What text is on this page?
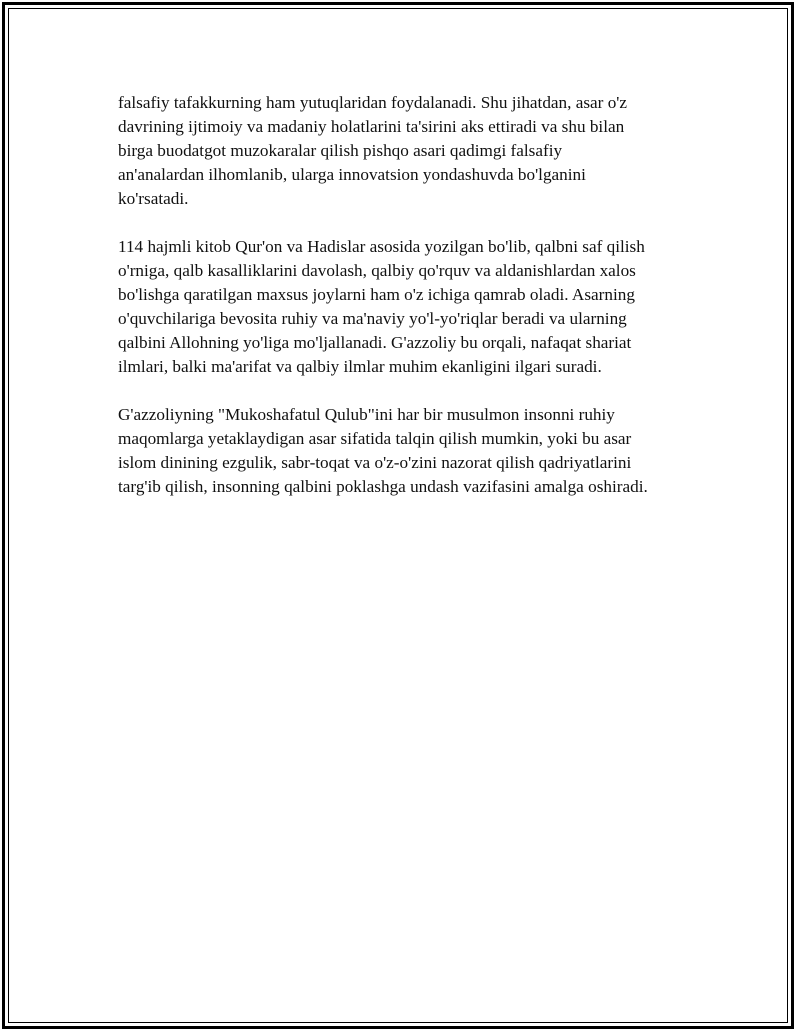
falsafiy tafakkurning ham yutuqlaridan foydalanadi. Shu jihatdan, asar o'z
davrining ijtimoiy va madaniy holatlarini ta'sirini aks ettiradi va shu bilan
birga buodatgot muzokaralar qilish pishqo asari qadimgi falsafiy
an'analardan ilhomlanib, ularga innovatsion yondashuvda bo'lganini
ko'rsatadi.

114 hajmli kitob Qur'on va Hadislar asosida yozilgan bo'lib, qalbni saf qilish
o'rniga, qalb kasalliklarini davolash, qalbiy qo'rquv va aldanishlardan xalos
bo'lishga qaratilgan maxsus joylarni ham o'z ichiga qamrab oladi. Asarning
o'quvchilariga bevosita ruhiy va ma'naviy yo'l-yo'riqlar beradi va ularning
qalbini Allohning yo'liga mo'ljallanadi. G'azzoliy bu orqali, nafaqat shariat
ilmlari, balki ma'arifat va qalbiy ilmlar muhim ekanligini ilgari suradi.

G'azzoliyning "Mukoshafatul Qulub"ini har bir musulmon insonni ruhiy
maqomlarga yetaklaydigan asar sifatida talqin qilish mumkin, yoki bu asar
islom dinining ezgulik, sabr-toqat va o'z-o'zini nazorat qilish qadriyatlarini
targ'ib qilish, insonning qalbini poklashga undash vazifasini amalga oshiradi.
